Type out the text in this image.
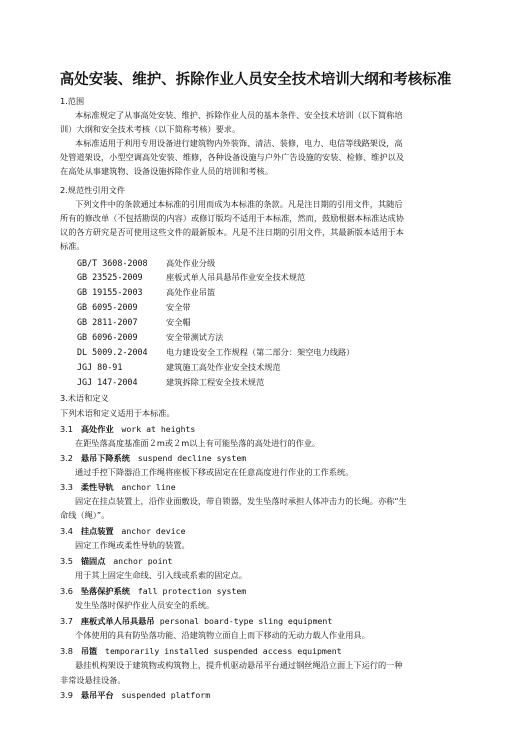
高处安装、维护、拆除作业人员安全技术培训大纲和考核标准
1.范围
本标准规定了从事高处安装、维护、拆除作业人员的基本条件、安全技术培训（以下简称培
训）大纲和安全技术考核（以下简称考核）要求。
本标准适用于利用专用设备进行建筑物内外装饰、清洁、装修，电力、电信等线路架设，高
处管道架设，小型空调高处安装、维修，各种设备设施与户外广告设施的安装、检修、维护以及
在高处从事建筑物、设备设施拆除作业人员的培训和考核。
2.规范性引用文件
下列文件中的条款通过本标准的引用而成为本标准的条款。凡是注日期的引用文件，其随后
所有的修改单（不包括勘误的内容）或修订版均不适用于本标准，然而，鼓励根据本标准达成协
议的各方研究是否可使用这些文件的最新版本。凡是不注日期的引用文件，其最新版本适用于本
标准。
GB/T 3608-2008 高处作业分级
GB 23525-2009	座板式单人吊具悬吊作业安全技术规范
GB 19155-2003	高处作业吊篮
GB 6095-2009	安全带
GB 2811-2007	安全帽
GB 6096-2009	安全带测试方法
DL 5009.2-2004 电力建设安全工作规程（第二部分：架空电力线路）
JGJ 80-91	建筑施工高处作业安全技术规范
JGJ 147-2004	建筑拆除工程安全技术规范
3.术语和定义
下列术语和定义适用于本标准。
3.1 高处作业 work at heights
在距坠落高度基准面２m或２m以上有可能坠落的高处进行的作业。
3.2 悬吊下降系统 suspend decline system
通过手控下降器沿工作绳将座板下移或固定在任意高度进行作业的工作系统。
3.3 柔性导轨 anchor line
固定在挂点装置上，沿作业面敷设，带自锁器，发生坠落时承担人体冲击力的长绳。亦称“生
命线（绳）”。
3.4 挂点装置 anchor device
固定工作绳或柔性导轨的装置。
3.5 锚固点 anchor point
用于其上固定生命线、引入线或系索的固定点。
3.6 坠落保护系统 fall protection system
发生坠落时保护作业人员安全的系统。
3.7 座板式单人吊具悬吊 personal board-type sling equipment
个体使用的具有防坠落功能、沿建筑物立面自上而下移动的无动力载人作业用具。
3.8 吊篮 temporarily installed suspended access equipment
悬挂机构架设于建筑物或构筑物上，提升机驱动悬吊平台通过钢丝绳沿立面上下运行的一种
非常设悬挂设备。
3.9 悬吊平台 suspended platform
